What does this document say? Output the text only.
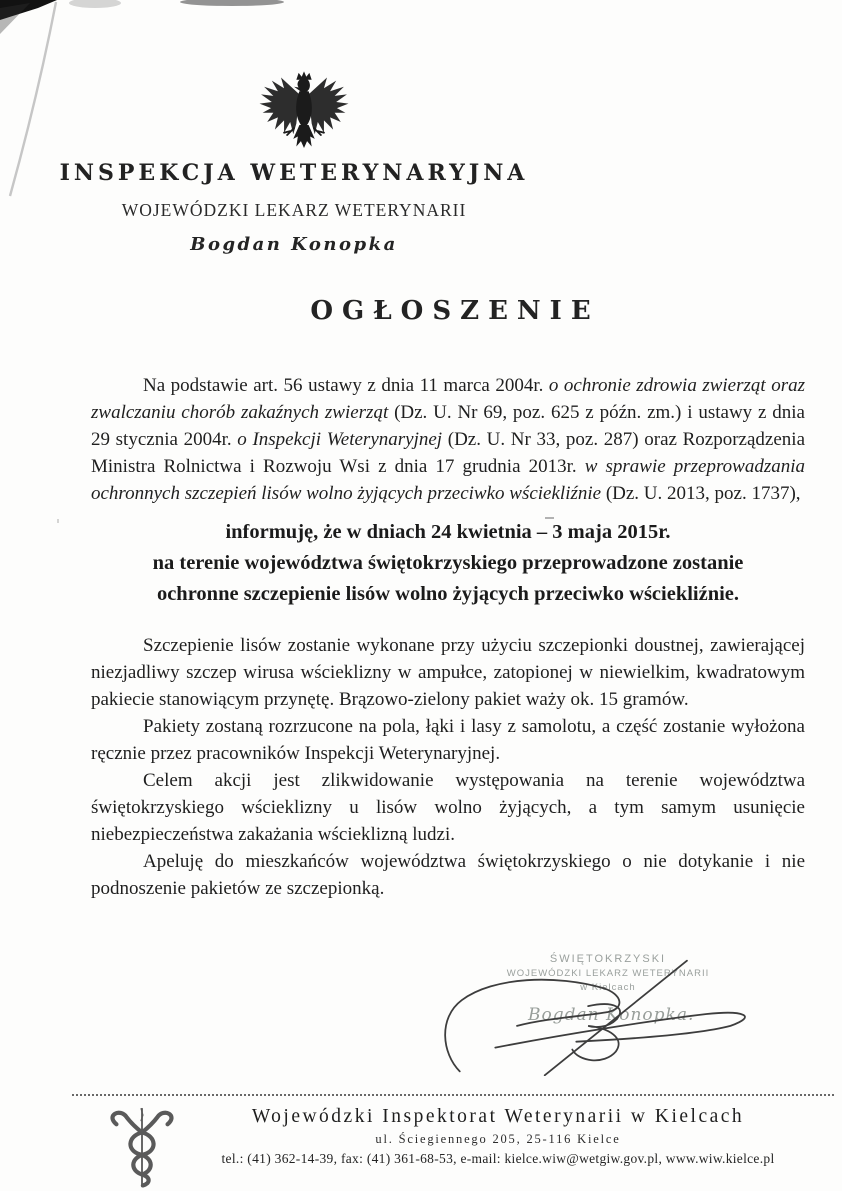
INSPEKCJA WETERYNARYJNA
WOJEWÓDZKI LEKARZ WETERYNARII
Bogdan Konopka
OGŁOSZENIE

Na podstawie art. 56 ustawy z dnia 11 marca 2004r. o ochronie zdrowia zwierząt oraz zwalczaniu chorób zakaźnych zwierząt (Dz. U. Nr 69, poz. 625 z późn. zm.) i ustawy z dnia 29 stycznia 2004r. o Inspekcji Weterynaryjnej (Dz. U. Nr 33, poz. 287) oraz Rozporządzenia Ministra Rolnictwa i Rozwoju Wsi z dnia 17 grudnia 2013r. w sprawie przeprowadzania ochronnych szczepień lisów wolno żyjących przeciwko wściekliźnie (Dz. U. 2013, poz. 1737),

informuję, że w dniach 24 kwietnia – 3 maja 2015r.
na terenie województwa świętokrzyskiego przeprowadzone zostanie
ochronne szczepienie lisów wolno żyjących przeciwko wściekliźnie.

Szczepienie lisów zostanie wykonane przy użyciu szczepionki doustnej, zawierającej niezjadliwy szczep wirusa wścieklizny w ampułce, zatopionej w niewielkim, kwadratowym pakiecie stanowiącym przynętę. Brązowo-zielony pakiet waży ok. 15 gramów.

Pakiety zostaną rozrzucone na pola, łąki i lasy z samolotu, a część zostanie wyłożona ręcznie przez pracowników Inspekcji Weterynaryjnej.

Celem akcji jest zlikwidowanie występowania na terenie województwa świętokrzyskiego wścieklizny u lisów wolno żyjących, a tym samym usunięcie niebezpieczeństwa zakażania wścieklizną ludzi.

Apeluję do mieszkańców województwa świętokrzyskiego o nie dotykanie i nie podnoszenie pakietów ze szczepionką.

ŚWIĘTOKRZYSKI
WOJEWÓDZKI LEKARZ WETERYNARII
w Kielcach
Bogdan Konopka.
Wojewódzki Inspektorat Weterynarii w Kielcach
ul. Ściegiennego 205, 25-116 Kielce
tel.: (41) 362-14-39, fax: (41) 361-68-53, e-mail: kielce.wiw@wetgiw.gov.pl, www.wiw.kielce.pl
